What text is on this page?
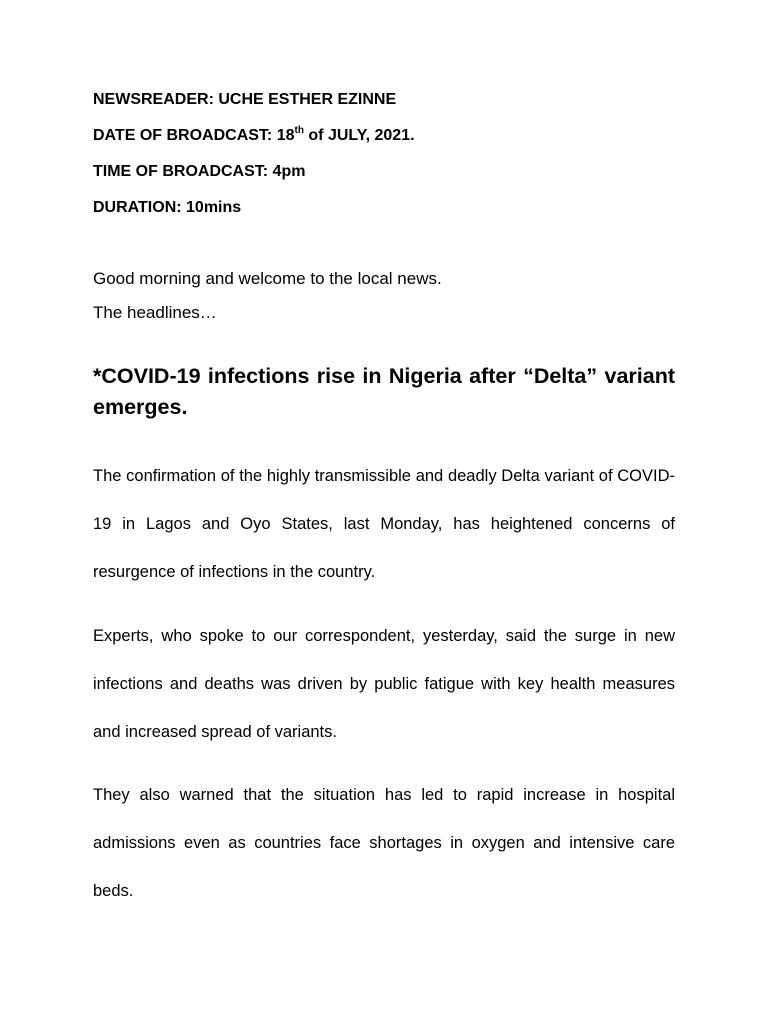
NEWSREADER: UCHE ESTHER EZINNE
DATE OF BROADCAST: 18th of JULY, 2021.
TIME OF BROADCAST: 4pm
DURATION: 10mins
Good morning and welcome to the local news.
The headlines…
*COVID-19 infections rise in Nigeria after “Delta” variant emerges.

The confirmation of the highly transmissible and deadly Delta variant of COVID-19 in Lagos and Oyo States, last Monday, has heightened concerns of resurgence of infections in the country.

Experts, who spoke to our correspondent, yesterday, said the surge in new infections and deaths was driven by public fatigue with key health measures and increased spread of variants.

They also warned that the situation has led to rapid increase in hospital admissions even as countries face shortages in oxygen and intensive care beds.
